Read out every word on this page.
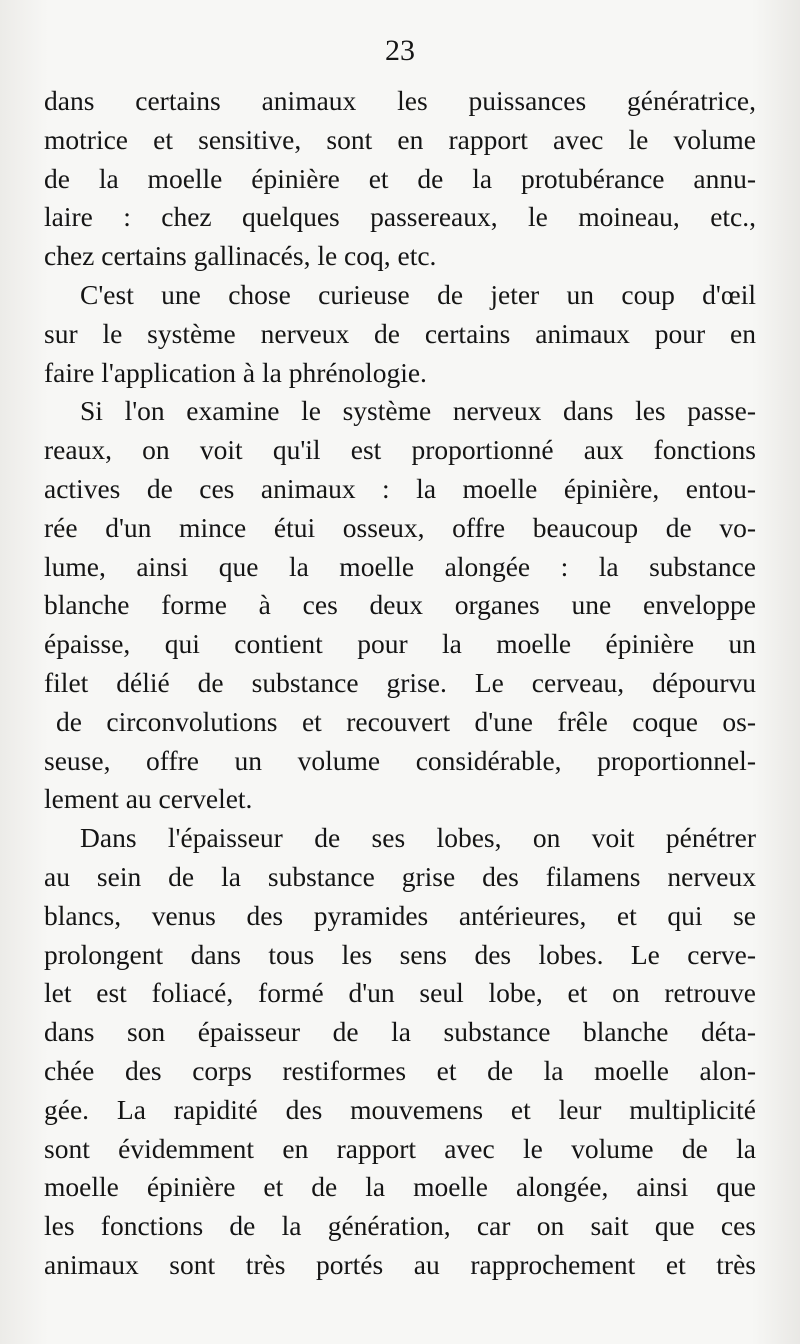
23
dans certains animaux les puissances génératrice,
motrice et sensitive, sont en rapport avec le volume
de la moelle épinière et de la protubérance annu-
laire : chez quelques passereaux, le moineau, etc.,
chez certains gallinacés, le coq, etc.
C'est une chose curieuse de jeter un coup d'œil
sur le système nerveux de certains animaux pour en
faire l'application à la phrénologie.
Si l'on examine le système nerveux dans les passe-
reaux, on voit qu'il est proportionné aux fonctions
actives de ces animaux : la moelle épinière, entou-
rée d'un mince étui osseux, offre beaucoup de vo-
lume, ainsi que la moelle alongée : la substance
blanche forme à ces deux organes une enveloppe
épaisse, qui contient pour la moelle épinière un
filet délié de substance grise. Le cerveau, dépourvu
de circonvolutions et recouvert d'une frêle coque os-
seuse, offre un volume considérable, proportionnel-
lement au cervelet.
Dans l'épaisseur de ses lobes, on voit pénétrer
au sein de la substance grise des filamens nerveux
blancs, venus des pyramides antérieures, et qui se
prolongent dans tous les sens des lobes. Le cerve-
let est foliacé, formé d'un seul lobe, et on retrouve
dans son épaisseur de la substance blanche déta-
chée des corps restiformes et de la moelle alon-
gée. La rapidité des mouvemens et leur multiplicité
sont évidemment en rapport avec le volume de la
moelle épinière et de la moelle alongée, ainsi que
les fonctions de la génération, car on sait que ces
animaux sont très portés au rapprochement et très
